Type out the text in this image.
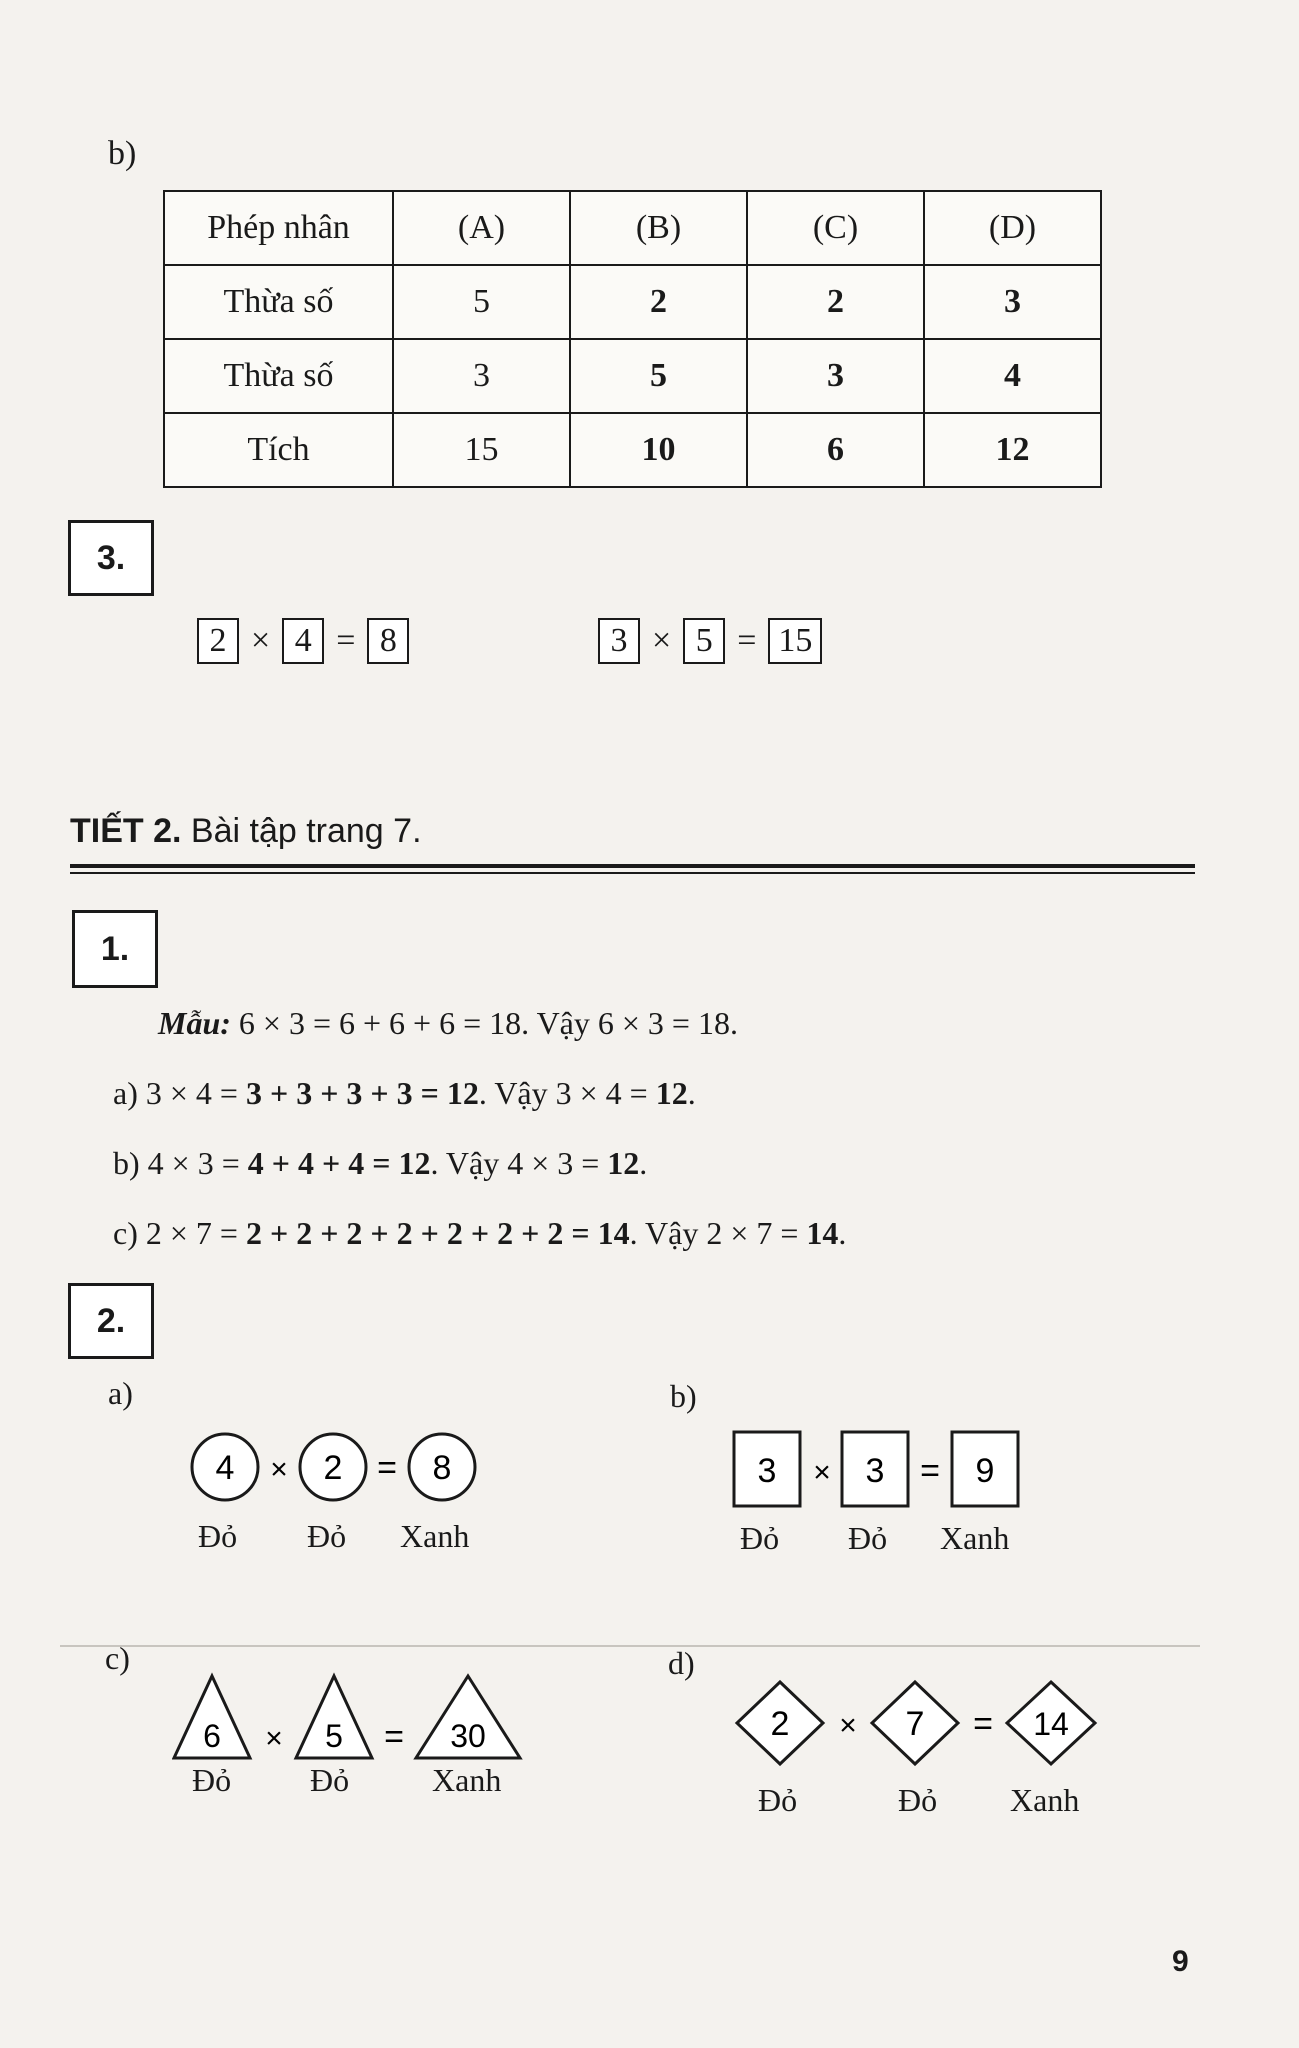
b)
Phép nhân	(A)	(B)	(C)	(D)
Thừa số	5	2	2	3
Thừa số	3	5	3	4
Tích	15	10	6	12
3.
2 × 4 = 8	3 × 5 = 15
TIẾT 2. Bài tập trang 7.
1.
Mẫu: 6 × 3 = 6 + 6 + 6 = 18. Vậy 6 × 3 = 18.
a) 3 × 4 = 3 + 3 + 3 + 3 = 12. Vậy 3 × 4 = 12.
b) 4 × 3 = 4 + 4 + 4 = 12. Vậy 4 × 3 = 12.
c) 2 × 7 = 2 + 2 + 2 + 2 + 2 + 2 + 2 = 14. Vậy 2 × 7 = 14.
2.
a)
4 × 2 = 8
Đỏ Đỏ Xanh
b)
3 × 3 = 9
Đỏ Đỏ Xanh
c)
6 × 5 = 30
Đỏ Đỏ	Xanh
d)
2 × 7 = 14
Đỏ	Đỏ Xanh
9
